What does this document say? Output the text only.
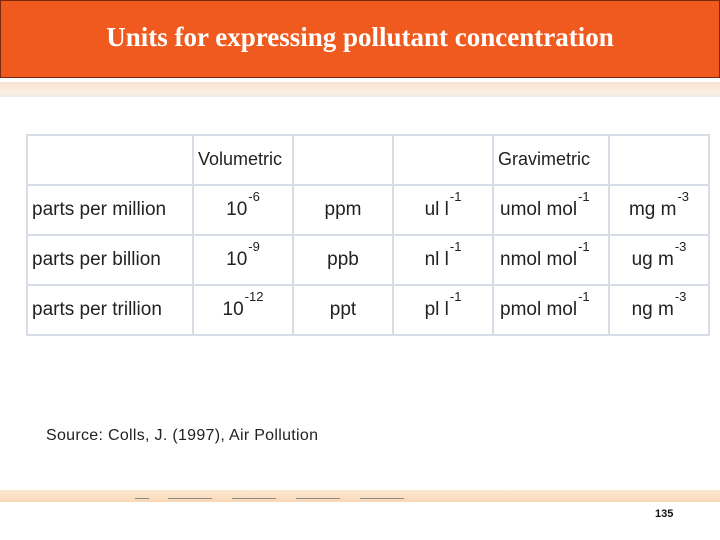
Units for expressing pollutant concentration
	Volumetric			Gravimetric	
parts per million	$10^{-6}$	ppm	ul $l^{-1}$	umol mol$^{-1}$	mg $m^{-3}$
parts per billion	$10^{-9}$	ppb	nl $l^{-1}$	nmol mol$^{-1}$	ug $m^{-3}$
parts per trillion	$10^{-12}$	ppt	pl $l^{-1}$	pmol mol$^{-1}$	ng $m^{-3}$
Source: Colls, J. (1997), Air Pollution
135
